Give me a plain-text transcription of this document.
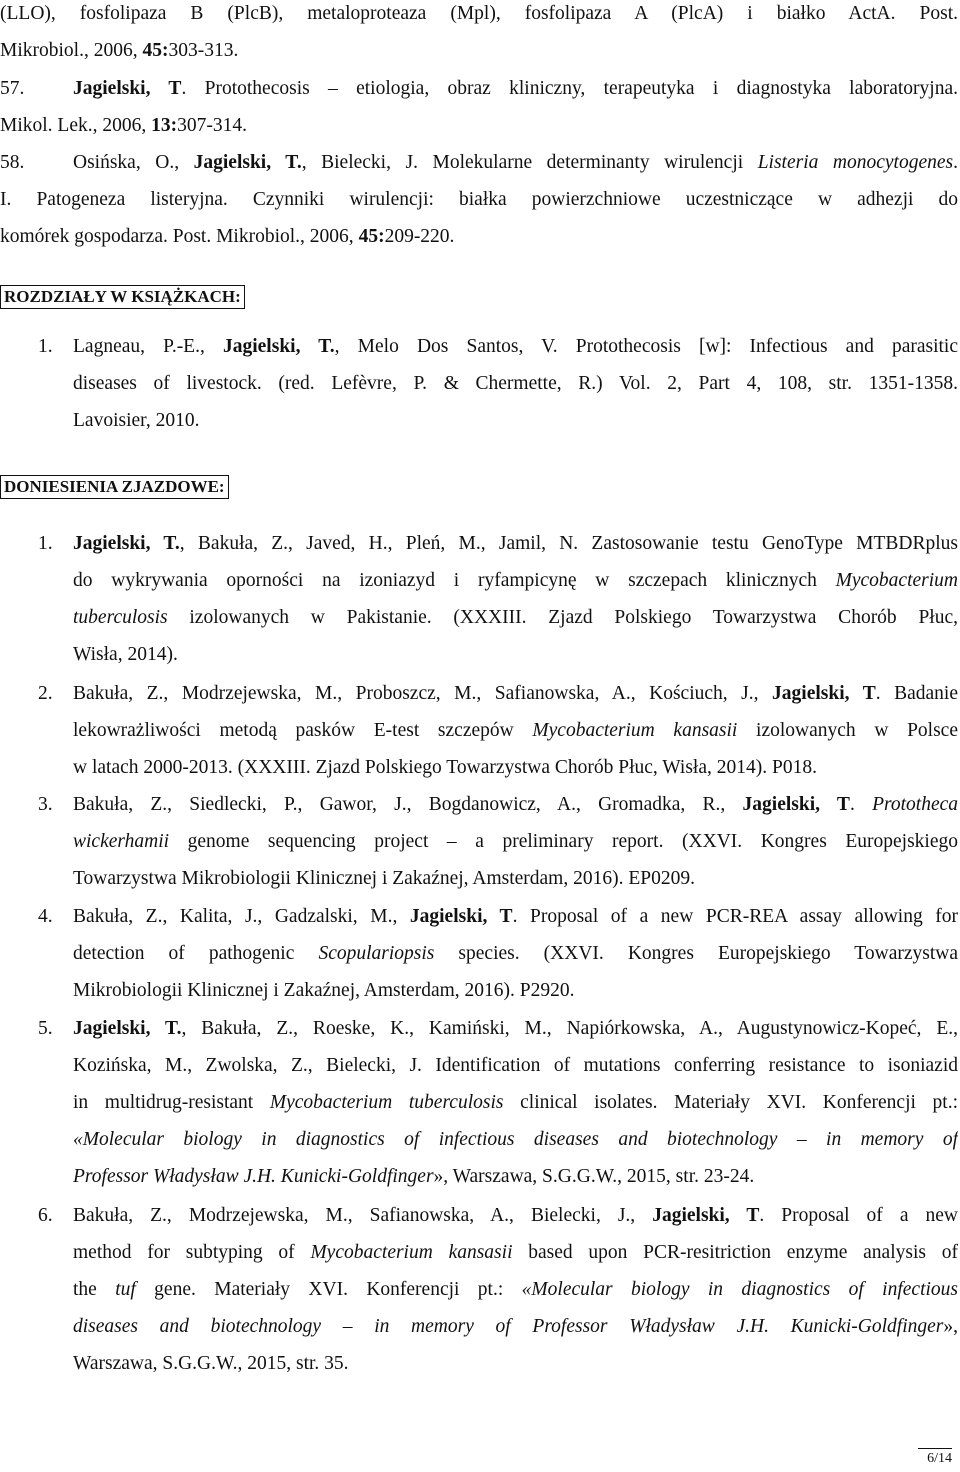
(LLO), fosfolipaza B (PlcB), metaloproteaza (Mpl), fosfolipaza A (PlcA) i białko ActA. Post.
Mikrobiol., 2006, 45:303-313.
57. Jagielski, T. Protothecosis – etiologia, obraz kliniczny, terapeutyka i diagnostyka laboratoryjna.
Mikol. Lek., 2006, 13:307-314.
58. Osińska, O., Jagielski, T., Bielecki, J. Molekularne determinanty wirulencji Listeria monocytogenes.
I. Patogeneza listeryjna. Czynniki wirulencji: białka powierzchniowe uczestniczące w adhezji do
komórek gospodarza. Post. Mikrobiol., 2006, 45:209-220.
ROZDZIAŁY W KSIĄŻKACH:
1. Lagneau, P.-E., Jagielski, T., Melo Dos Santos, V. Protothecosis [w]: Infectious and parasitic
diseases of livestock. (red. Lefèvre, P. & Chermette, R.) Vol. 2, Part 4, 108, str. 1351-1358.
Lavoisier, 2010.
DONIESIENIA ZJAZDOWE:
1. Jagielski, T., Bakuła, Z., Javed, H., Pleń, M., Jamil, N. Zastosowanie testu GenoType MTBDRplus
do wykrywania oporności na izoniazyd i ryfampicynę w szczepach klinicznych Mycobacterium
tuberculosis izolowanych w Pakistanie. (XXXIII. Zjazd Polskiego Towarzystwa Chorób Płuc,
Wisła, 2014).
2. Bakuła, Z., Modrzejewska, M., Proboszcz, M., Safianowska, A., Kościuch, J., Jagielski, T. Badanie
lekowrażliwości metodą pasków E-test szczepów Mycobacterium kansasii izolowanych w Polsce
w latach 2000-2013. (XXXIII. Zjazd Polskiego Towarzystwa Chorób Płuc, Wisła, 2014). P018.
3. Bakuła, Z., Siedlecki, P., Gawor, J., Bogdanowicz, A., Gromadka, R., Jagielski, T. Prototheca
wickerhamii genome sequencing project – a preliminary report. (XXVI. Kongres Europejskiego
Towarzystwa Mikrobiologii Klinicznej i Zakaźnej, Amsterdam, 2016). EP0209.
4. Bakuła, Z., Kalita, J., Gadzalski, M., Jagielski, T. Proposal of a new PCR-REA assay allowing for
detection of pathogenic Scopulariopsis species. (XXVI. Kongres Europejskiego Towarzystwa
Mikrobiologii Klinicznej i Zakaźnej, Amsterdam, 2016). P2920.
5. Jagielski, T., Bakuła, Z., Roeske, K., Kamiński, M., Napiórkowska, A., Augustynowicz-Kopeć, E.,
Kozińska, M., Zwolska, Z., Bielecki, J. Identification of mutations conferring resistance to isoniazid
in multidrug-resistant Mycobacterium tuberculosis clinical isolates. Materiały XVI. Konferencji pt.:
«Molecular biology in diagnostics of infectious diseases and biotechnology – in memory of
Professor Władysław J.H. Kunicki-Goldfinger», Warszawa, S.G.G.W., 2015, str. 23-24.
6. Bakuła, Z., Modrzejewska, M., Safianowska, A., Bielecki, J., Jagielski, T. Proposal of a new
method for subtyping of Mycobacterium kansasii based upon PCR-resitriction enzyme analysis of
the tuf gene. Materiały XVI. Konferencji pt.: «Molecular biology in diagnostics of infectious
diseases and biotechnology – in memory of Professor Władysław J.H. Kunicki-Goldfinger»,
Warszawa, S.G.G.W., 2015, str. 35.
6/14
